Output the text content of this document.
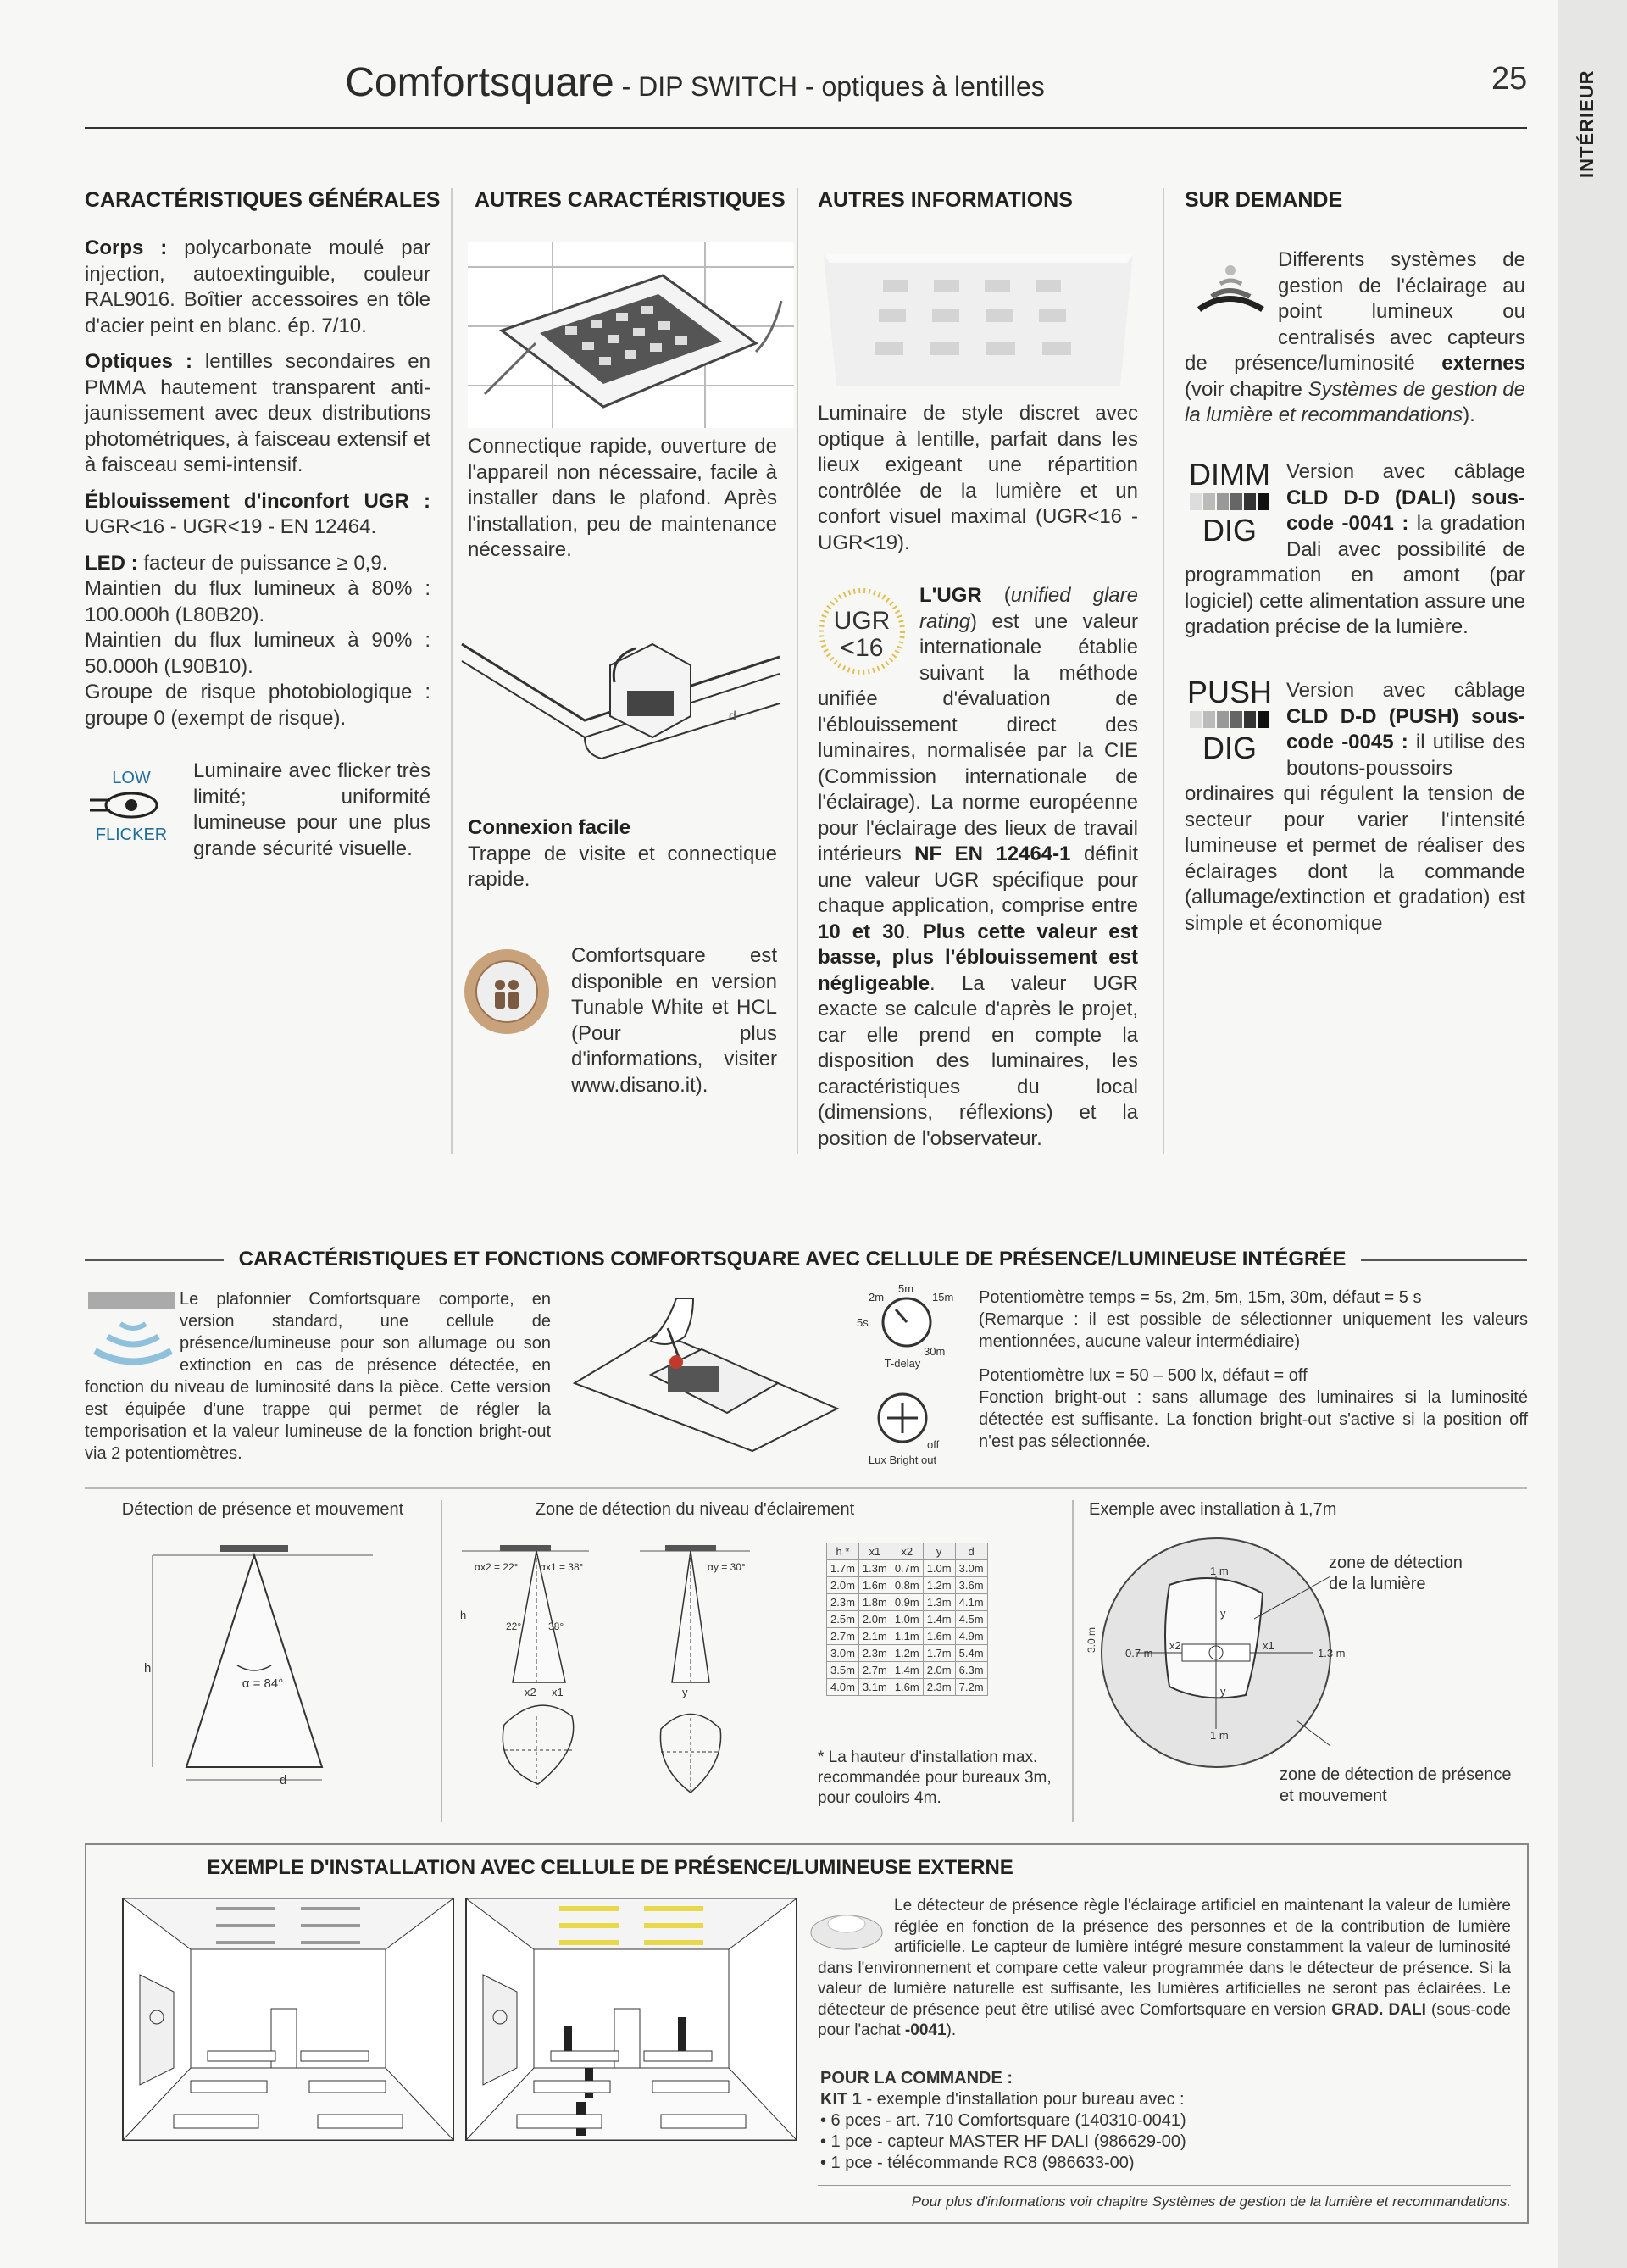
INTÉRIEUR
Comfortsquare - DIP SWITCH - optiques à lentilles	25
CARACTÉRISTIQUES GÉNÉRALES AUTRES CARACTÉRISTIQUES AUTRES INFORMATIONS	SUR DEMANDE

Corps : polycarbonate moulé par injection, autoextinguible, couleur RAL9016. Boîtier accessoires en tôle d'acier peint en blanc. ép. 7/10.

Optiques : lentilles secondaires en PMMA hautement transparent anti-jaunissement avec deux distributions photométriques, à faisceau extensif et à faisceau semi-intensif.

Éblouissement d'inconfort UGR : UGR<16 - UGR<19 - EN 12464.

LED : facteur de puissance ≥ 0,9.

Maintien du flux lumineux à 80% : 100.000h (L80B20).
Maintien du flux lumineux à 90% : 50.000h (L90B10).
Groupe de risque photobiologique : groupe 0 (exempt de risque).
LOW
FLICKER
Luminaire avec flicker très limité; uniformité lumineuse pour une plus grande sécurité visuelle.
Connectique rapide, ouverture de l'appareil non nécessaire, facile à installer dans le plafond. Après l'installation, peu de maintenance nécessaire.
d
Connexion facile
Trappe de visite et connectique rapide.
Comfortsquare est disponible en version Tunable White et HCL (Pour plus d'informations, visiter www.disano.it).
Luminaire de style discret avec optique à lentille, parfait dans les lieux exigeant une répartition contrôlée de la lumière et un confort visuel maximal (UGR<16 - UGR<19).
UGR
<16
L'UGR (unified glare rating) est une valeur internationale établie suivant la méthode unifiée d'évaluation de l'éblouissement direct des luminaires, normalisée par la CIE (Commission internationale de l'éclairage). La norme européenne pour l'éclairage des lieux de travail intérieurs NF EN 12464-1 définit une valeur UGR spécifique pour chaque application, comprise entre 10 et 30. Plus cette valeur est basse, plus l'éblouissement est négligeable. La valeur UGR exacte se calcule d'après le projet, car elle prend en compte la disposition des luminaires, les caractéristiques du local (dimensions, réflexions) et la position de l'observateur.
Differents systèmes de gestion de l'éclairage au point lumineux ou centralisés avec capteurs de présence/luminosité externes (voir chapitre Systèmes de gestion de la lumière et recommandations).
DIMM
DIG
Version avec câblage CLD D-D (DALI) sous-code -0041 : la gradation Dali avec possibilité de programmation en amont (par logiciel) cette alimentation assure une gradation précise de la lumière.
PUSH
DIG
Version avec câblage CLD D-D (PUSH) sous-code -0045 : il utilise des boutons-poussoirs ordinaires qui régulent la tension de secteur pour varier l'intensité lumineuse et permet de réaliser des éclairages dont la commande (allumage/extinction et gradation) est simple et économique
CARACTÉRISTIQUES ET FONCTIONS COMFORTSQUARE AVEC CELLULE DE PRÉSENCE/LUMINEUSE INTÉGRÉE
Le plafonnier Comfortsquare comporte, en version standard, une cellule de présence/lumineuse pour son allumage ou son extinction en cas de présence détectée, en fonction du niveau de luminosité dans la pièce. Cette version est équipée d'une trappe qui permet de régler la temporisation et la valeur lumineuse de la fonction bright-out via 2 potentiomètres.
2m
5m
15m
5s
30m
T-delay
off
Lux Bright out
Potentiomètre temps = 5s, 2m, 5m, 15m, 30m, défaut = 5 s

(Remarque : il est possible de sélectionner uniquement les valeurs mentionnées, aucune valeur intermédiaire)

Potentiomètre lux = 50 – 500 lx, défaut = off
Fonction bright-out : sans allumage des luminaires si la luminosité détectée est suffisante. La fonction bright-out s'active si la position off n'est pas sélectionnée.
Détection de présence et mouvement
h
α = 84°
d
Zone de détection du niveau d'éclairement
αx2 = 22° αx1 = 38°
22°	38°
h
x2 x1
αy = 30°
y
h *	x1	x2	y	d
1.7m	1.3m	0.7m	1.0m	3.0m
2.0m	1.6m	0.8m	1.2m	3.6m
2.3m	1.8m	0.9m	1.3m	4.1m
2.5m	2.0m	1.0m	1.4m	4.5m
2.7m	2.1m	1.1m	1.6m	4.9m
3.0m	2.3m	1.2m	1.7m	5.4m
3.5m	2.7m	1.4m	2.0m	6.3m
4.0m	3.1m	1.6m	2.3m	7.2m
* La hauteur d'installation max. recommandée pour bureaux 3m, pour couloirs 4m.
Exemple avec installation à 1,7m
3.0 m
0.7 m	1.3 m
1 m
1 m
x1
x2
y
y
zone de détection de la lumière
zone de détection de présence et mouvement
EXEMPLE D'INSTALLATION AVEC CELLULE DE PRÉSENCE/LUMINEUSE EXTERNE
Le détecteur de présence règle l'éclairage artificiel en maintenant la valeur de lumière réglée en fonction de la présence des personnes et de la contribution de lumière artificielle. Le capteur de lumière intégré mesure constamment la valeur de luminosité dans l'environnement et compare cette valeur programmée dans le détecteur de présence. Si la valeur de lumière naturelle est suffisante, les lumières artificielles ne seront pas éclairées. Le détecteur de présence peut être utilisé avec Comfortsquare en version GRAD. DALI (sous-code pour l'achat -0041).
POUR LA COMMANDE :
KIT 1 - exemple d'installation pour bureau avec :
• 6 pces - art. 710 Comfortsquare (140310-0041)
• 1 pce - capteur MASTER HF DALI (986629-00)
• 1 pce - télécommande RC8 (986633-00)
Pour plus d'informations voir chapitre Systèmes de gestion de la lumière et recommandations.
